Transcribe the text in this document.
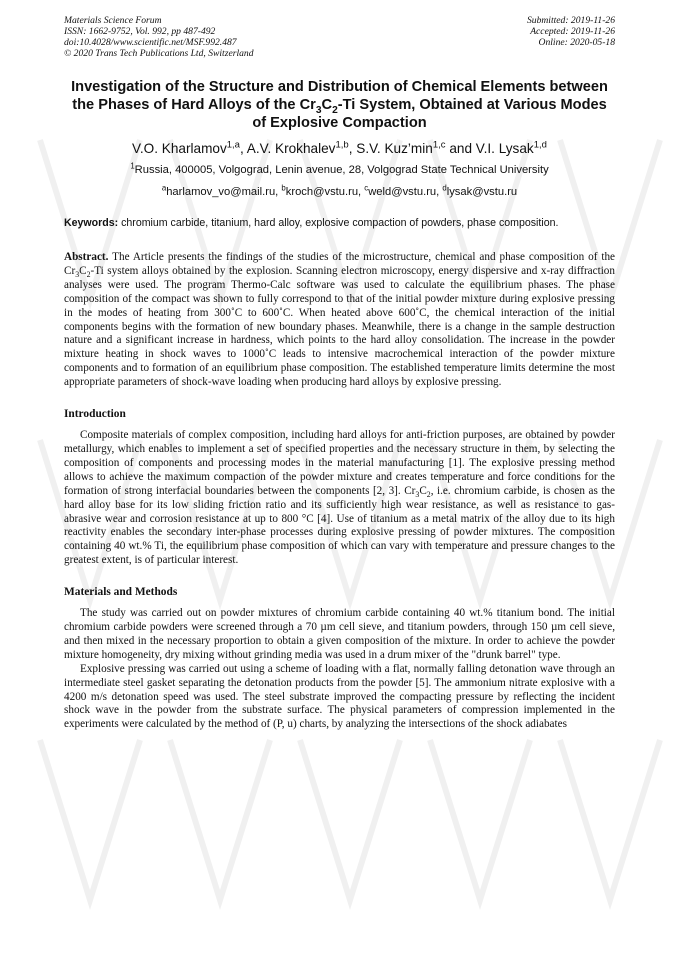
Materials Science Forum
ISSN: 1662-9752, Vol. 992, pp 487-492
doi:10.4028/www.scientific.net/MSF.992.487
© 2020 Trans Tech Publications Ltd, Switzerland
Submitted: 2019-11-26
Accepted: 2019-11-26
Online: 2020-05-18
Investigation of the Structure and Distribution of Chemical Elements between the Phases of Hard Alloys of the $Cr_3C_2-Ti$ System, Obtained at Various Modes of Explosive Compaction
V.O. Kharlamov$^{1,a}$, A.V. Krokhalev$^{1,b}$, S.V. $Kuz’\min^{1,c}$ and V.I. Lysak$^{1,d}$
$^1$Russia, 400005, Volgograd, Lenin avenue, 28, Volgograd State Technical University
$^a$harlamov_vo@mail.ru, $^b$kroch@vstu.ru, $^c$weld@vstu.ru, $^d$lysak@vstu.ru
Keywords: chromium carbide, titanium, hard alloy, explosive compaction of powders, phase composition.

Abstract. The Article presents the findings of the studies of the microstructure, chemical and phase composition of the $Cr_3C_2-Ti$ system alloys obtained by the explosion. Scanning electron microscopy, energy dispersive and x-ray diffraction analyses were used. The program Thermo-Calc software was used to calculate the equilibrium phases. The phase composition of the compact was shown to fully correspond to that of the initial powder mixture during explosive pressing in the modes of heating from 300˚C to 600˚C. When heated above 600˚C, the chemical interaction of the initial components begins with the formation of new boundary phases. Meanwhile, there is a change in the sample destruction nature and a significant increase in hardness, which points to the hard alloy consolidation. The increase in the powder mixture heating in shock waves to 1000˚C leads to intensive macrochemical interaction of the powder mixture components and to formation of an equilibrium phase composition. The established temperature limits determine the most appropriate parameters of shock-wave loading when producing hard alloys by explosive pressing.

Introduction

Composite materials of complex composition, including hard alloys for anti-friction purposes, are obtained by powder metallurgy, which enables to implement a set of specified properties and the necessary structure in them, by selecting the composition of components and processing modes in the material manufacturing [1]. The explosive pressing method allows to achieve the maximum compaction of the powder mixture and creates temperature and force conditions for the formation of strong interfacial boundaries between the components [2, 3]. $Cr_3C_2$, i.e. chromium carbide, is chosen as the hard alloy base for its low sliding friction ratio and its sufficiently high wear resistance, as well as resistance to gas-abrasive wear and corrosion resistance at up to 800 °C [4]. Use of titanium as a metal matrix of the alloy due to its high reactivity enables the secondary inter-phase processes during explosive pressing of powder mixtures. The composition containing 40 wt.% Ti, the equilibrium phase composition of which can vary with temperature and pressure changes to the greatest extent, is of particular interest.

Materials and Methods

The study was carried out on powder mixtures of chromium carbide containing 40 wt.% titanium bond. The initial chromium carbide powders were screened through a 70 µm cell sieve, and titanium powders, through 150 µm cell sieve, and then mixed in the necessary proportion to obtain a given composition of the mixture. In order to achieve the powder mixture homogeneity, dry mixing without grinding media was used in a drum mixer of the "drunk barrel" type.

Explosive pressing was carried out using a scheme of loading with a flat, normally falling detonation wave through an intermediate steel gasket separating the detonation products from the powder [5]. The ammonium nitrate explosive with a 4200 m/s detonation speed was used. The steel substrate improved the compacting pressure by reflecting the incident shock wave in the powder from the substrate surface. The physical parameters of compression implemented in the experiments were calculated by the method of (P, u) charts, by analyzing the intersections of the shock adiabates
